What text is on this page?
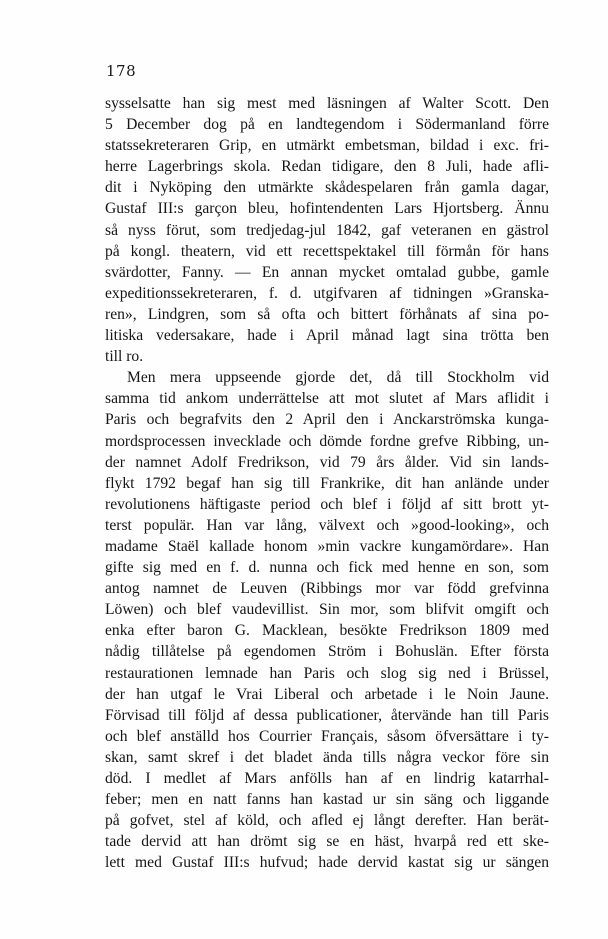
178
sysselsatte han sig mest med läsningen af Walter Scott. Den
5 December dog på en landtegendom i Södermanland förre
statssekreteraren Grip, en utmärkt embetsman, bildad i exc. fri-
herre Lagerbrings skola. Redan tidigare, den 8 Juli, hade afli-
dit i Nyköping den utmärkte skådespelaren från gamla dagar,
Gustaf III:s garçon bleu, hofintendenten Lars Hjortsberg. Ännu
så nyss förut, som tredjedag-jul 1842, gaf veteranen en gästrol
på kongl. theatern, vid ett recettspektakel till förmån för hans
svärdotter, Fanny. — En annan mycket omtalad gubbe, gamle
expeditionssekreteraren, f. d. utgifvaren af tidningen »Granska-
ren», Lindgren, som så ofta och bittert förhånats af sina po-
litiska vedersakare, hade i April månad lagt sina trötta ben
till ro.
Men mera uppseende gjorde det, då till Stockholm vid
samma tid ankom underrättelse att mot slutet af Mars aflidit i
Paris och begrafvits den 2 April den i Anckarströmska kunga-
mordsprocessen invecklade och dömde fordne grefve Ribbing, un-
der namnet Adolf Fredrikson, vid 79 års ålder. Vid sin lands-
flykt 1792 begaf han sig till Frankrike, dit han anlände under
revolutionens häftigaste period och blef i följd af sitt brott yt-
terst populär. Han var lång, välvext och »good-looking», och
madame Staël kallade honom »min vackre kungamördare». Han
gifte sig med en f. d. nunna och fick med henne en son, som
antog namnet de Leuven (Ribbings mor var född grefvinna
Löwen) och blef vaudevillist. Sin mor, som blifvit omgift och
enka efter baron G. Macklean, besökte Fredrikson 1809 med
nådig tillåtelse på egendomen Ström i Bohuslän. Efter första
restaurationen lemnade han Paris och slog sig ned i Brüssel,
der han utgaf le Vrai Liberal och arbetade i le Noin Jaune.
Förvisad till följd af dessa publicationer, återvände han till Paris
och blef anställd hos Courrier Français, såsom öfversättare i ty-
skan, samt skref i det bladet ända tills några veckor före sin
död. I medlet af Mars anfölls han af en lindrig katarrhal-
feber; men en natt fanns han kastad ur sin säng och liggande
på gofvet, stel af köld, och afled ej långt derefter. Han berät-
tade dervid att han drömt sig se en häst, hvarpå red ett ske-
lett med Gustaf III:s hufvud; hade dervid kastat sig ur sängen
